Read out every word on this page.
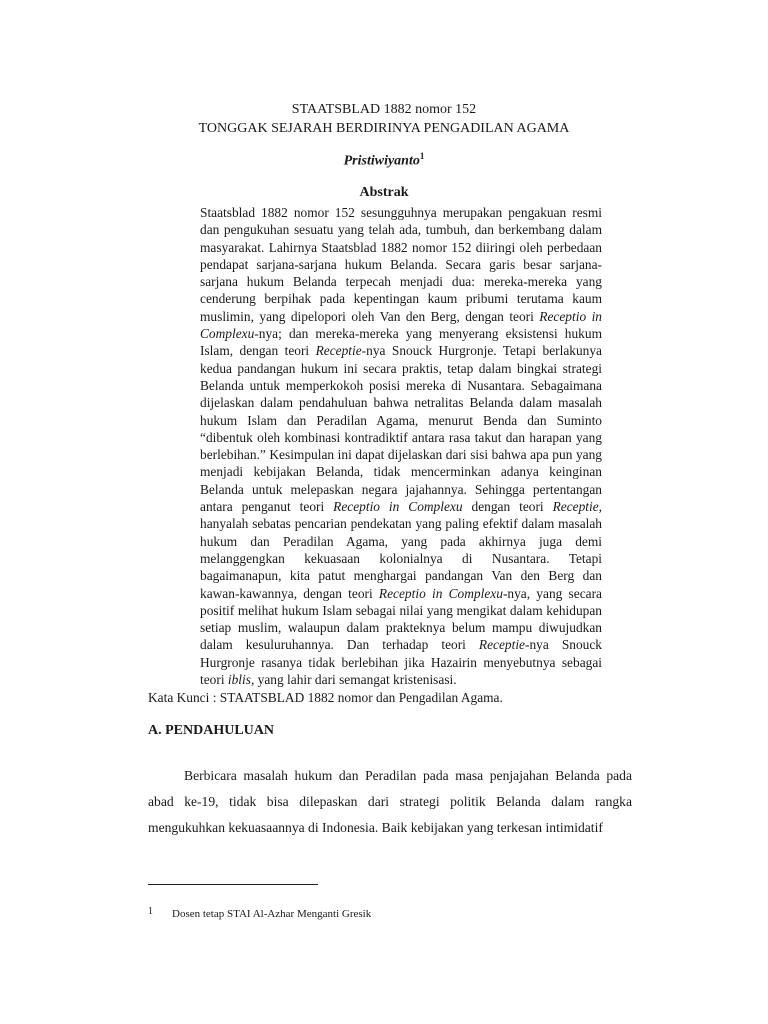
STAATSBLAD 1882 nomor 152
TONGGAK SEJARAH BERDIRINYA PENGADILAN AGAMA
Pristiwiyanto$^1$
Abstrak

Staatsblad 1882 nomor 152 sesungguhnya merupakan pengakuan resmi dan pengukuhan sesuatu yang telah ada, tumbuh, dan berkembang dalam masyarakat. Lahirnya Staatsblad 1882 nomor 152 diiringi oleh perbedaan pendapat sarjana-sarjana hukum Belanda. Secara garis besar sarjana-sarjana hukum Belanda terpecah menjadi dua: mereka-mereka yang cenderung berpihak pada kepentingan kaum pribumi terutama kaum muslimin, yang dipelopori oleh Van den Berg, dengan teori Receptio in Complexu-nya; dan mereka-mereka yang menyerang eksistensi hukum Islam, dengan teori Receptie-nya Snouck Hurgronje. Tetapi berlakunya kedua pandangan hukum ini secara praktis, tetap dalam bingkai strategi Belanda untuk memperkokoh posisi mereka di Nusantara. Sebagaimana dijelaskan dalam pendahuluan bahwa netralitas Belanda dalam masalah hukum Islam dan Peradilan Agama, menurut Benda dan Suminto “dibentuk oleh kombinasi kontradiktif antara rasa takut dan harapan yang berlebihan.” Kesimpulan ini dapat dijelaskan dari sisi bahwa apa pun yang menjadi kebijakan Belanda, tidak mencerminkan adanya keinginan Belanda untuk melepaskan negara jajahannya. Sehingga pertentangan antara penganut teori Receptio in Complexu dengan teori Receptie, hanyalah sebatas pencarian pendekatan yang paling efektif dalam masalah hukum dan Peradilan Agama, yang pada akhirnya juga demi melanggengkan kekuasaan kolonialnya di Nusantara. Tetapi bagaimanapun, kita patut menghargai pandangan Van den Berg dan kawan-kawannya, dengan teori Receptio in Complexu-nya, yang secara positif melihat hukum Islam sebagai nilai yang mengikat dalam kehidupan setiap muslim, walaupun dalam prakteknya belum mampu diwujudkan dalam kesuluruhannya. Dan terhadap teori Receptie-nya Snouck Hurgronje rasanya tidak berlebihan jika Hazairin menyebutnya sebagai teori iblis, yang lahir dari semangat kristenisasi.

Kata Kunci : STAATSBLAD 1882 nomor dan Pengadilan Agama.
A. PENDAHULUAN

Berbicara masalah hukum dan Peradilan pada masa penjajahan Belanda pada abad ke-19, tidak bisa dilepaskan dari strategi politik Belanda dalam rangka mengukuhkan kekuasaannya di Indonesia. Baik kebijakan yang terkesan intimidatif

1 Dosen tetap STAI Al-Azhar Menganti Gresik
